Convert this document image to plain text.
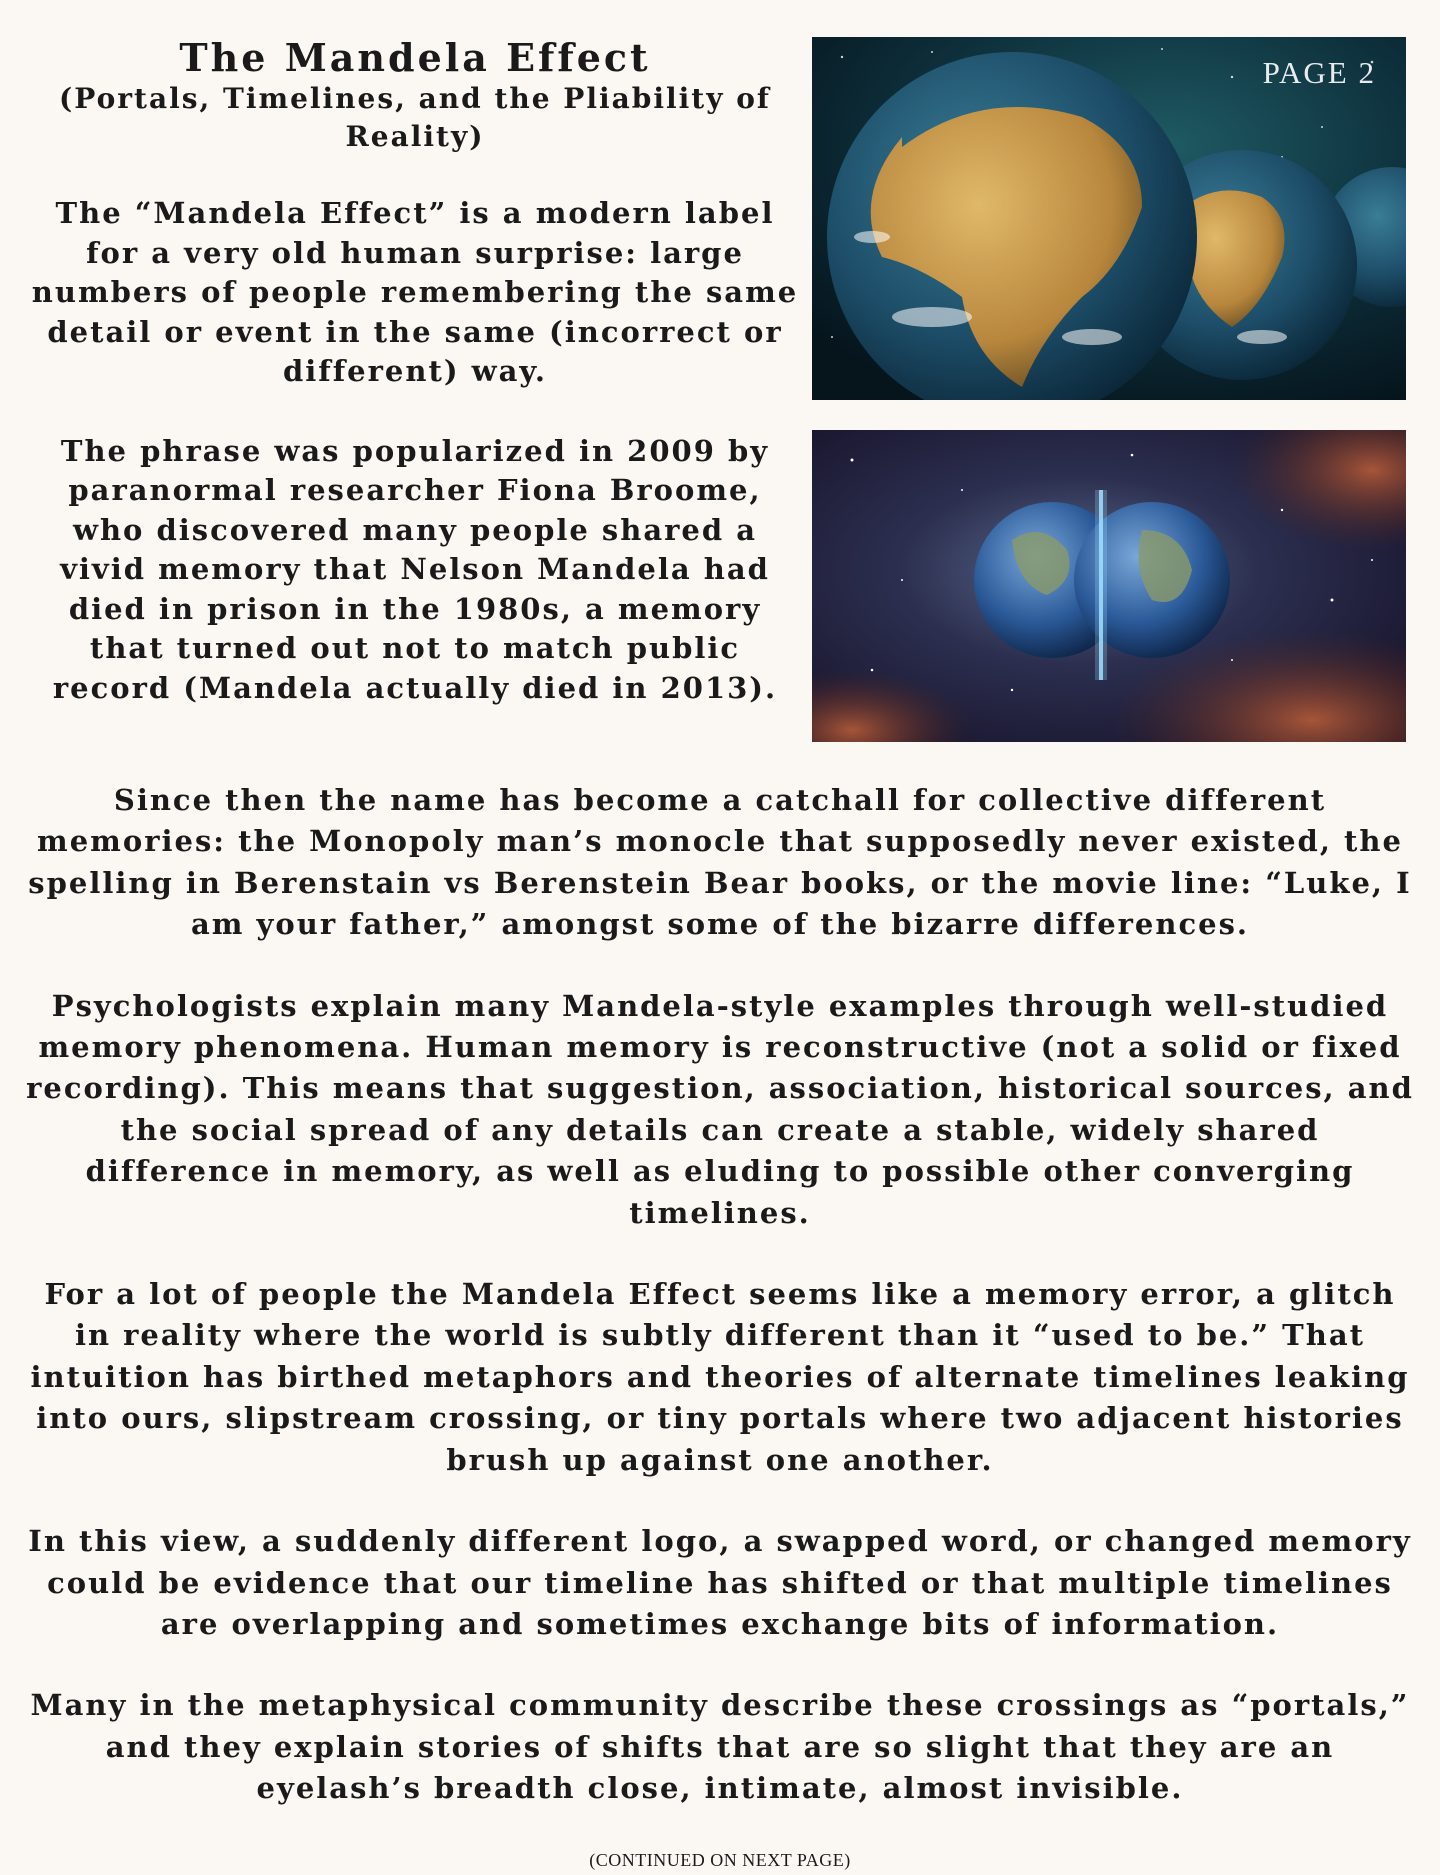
The Mandela Effect

(Portals, Timelines, and the Pliability of Reality)

The “Mandela Effect” is a modern label for a very old human surprise: large numbers of people remembering the same detail or event in the same (incorrect or different) way.

The phrase was popularized in 2009 by paranormal researcher Fiona Broome, who discovered many people shared a vivid memory that Nelson Mandela had died in prison in the 1980s, a memory that turned out not to match public record (Mandela actually died in 2013).

PAGE 2

Since then the name has become a catchall for collective different memories: the Monopoly man’s monocle that supposedly never existed, the spelling in Berenstain vs Berenstein Bear books, or the movie line: “Luke, I am your father,” amongst some of the bizarre differences.

Psychologists explain many Mandela-style examples through well-studied memory phenomena. Human memory is reconstructive (not a solid or fixed recording). This means that suggestion, association, historical sources, and the social spread of any details can create a stable, widely shared difference in memory, as well as eluding to possible other converging timelines.

For a lot of people the Mandela Effect seems like a memory error, a glitch in reality where the world is subtly different than it “used to be.” That intuition has birthed metaphors and theories of alternate timelines leaking into ours, slipstream crossing, or tiny portals where two adjacent histories brush up against one another.

In this view, a suddenly different logo, a swapped word, or changed memory could be evidence that our timeline has shifted or that multiple timelines are overlapping and sometimes exchange bits of information.

Many in the metaphysical community describe these crossings as “portals,” and they explain stories of shifts that are so slight that they are an eyelash’s breadth close, intimate, almost invisible.

(CONTINUED ON NEXT PAGE)
